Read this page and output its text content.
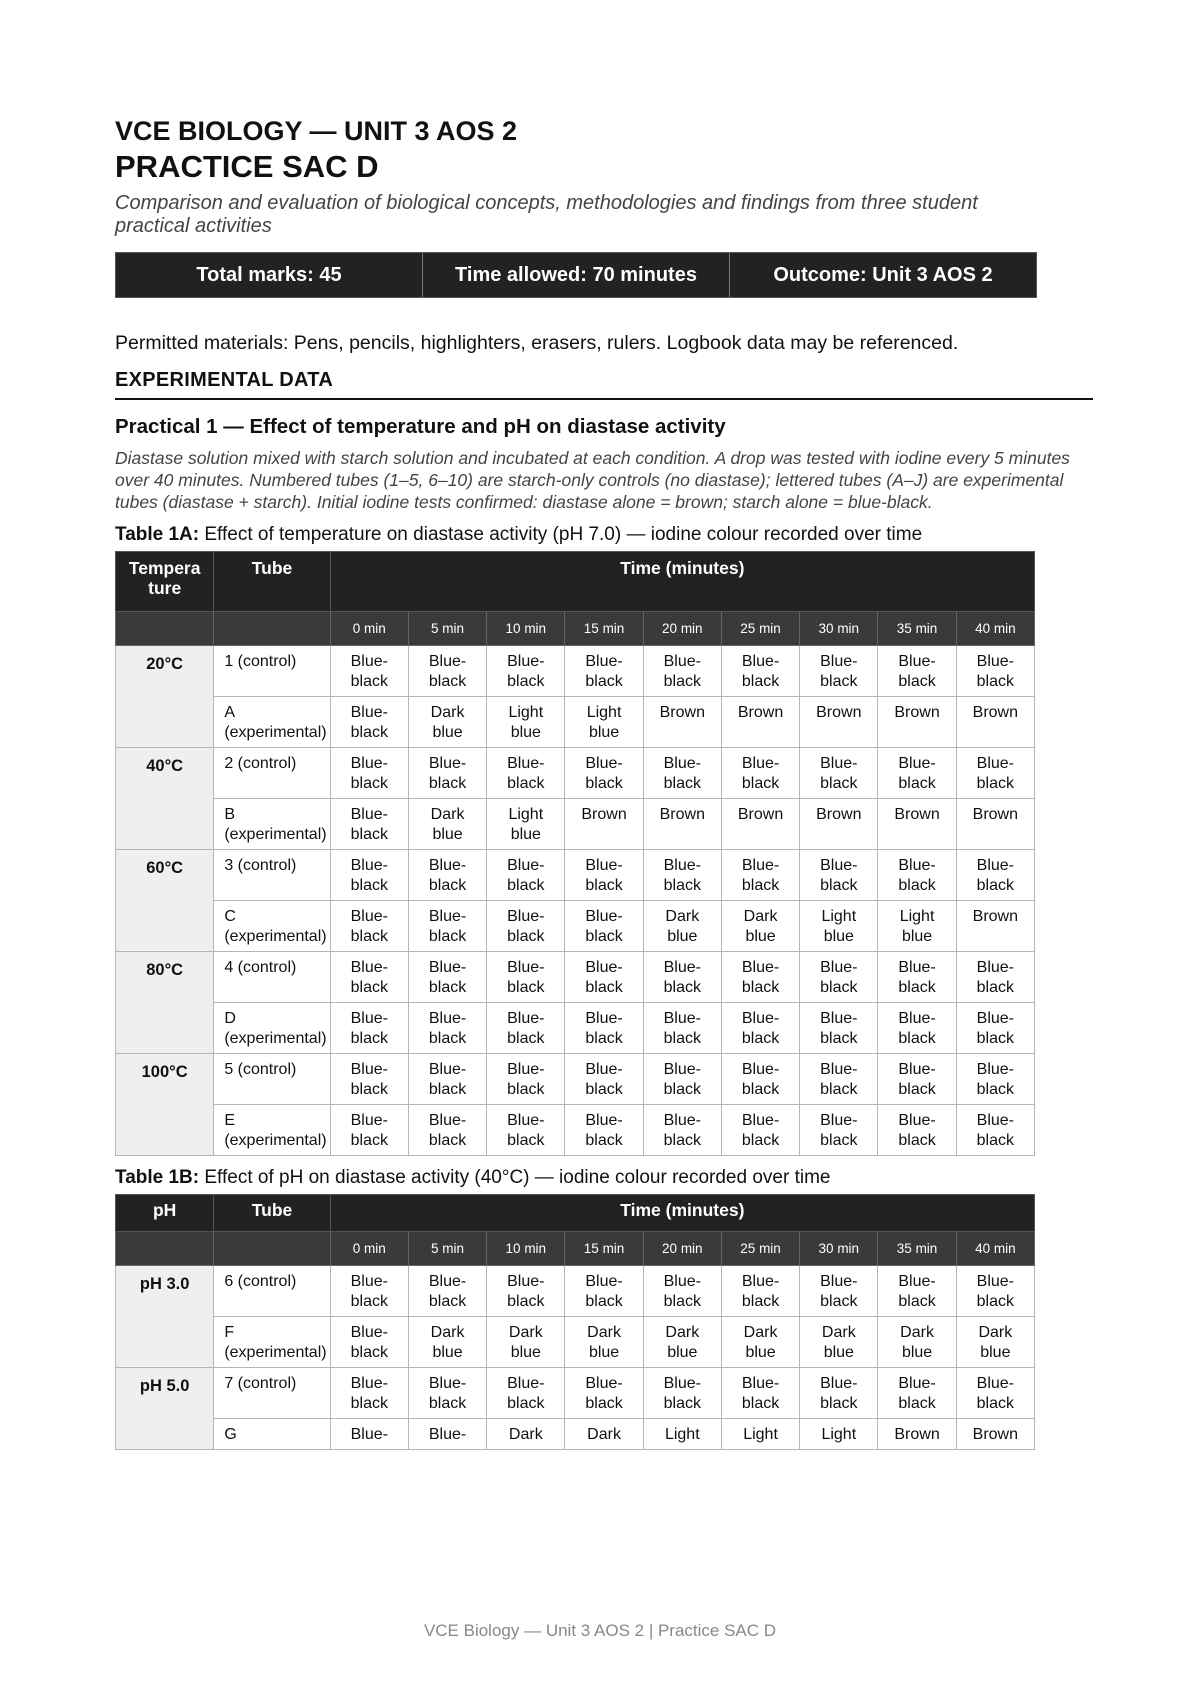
VCE BIOLOGY — UNIT 3 AOS 2
PRACTICE SAC D
Comparison and evaluation of biological concepts, methodologies and findings from three student practical activities
Total marks: 45	Time allowed: 70 minutes	Outcome: Unit 3 AOS 2
Permitted materials: Pens, pencils, highlighters, erasers, rulers. Logbook data may be referenced.
EXPERIMENTAL DATA
Practical 1 — Effect of temperature and pH on diastase activity
Diastase solution mixed with starch solution and incubated at each condition. A drop was tested with iodine every 5 minutes over 40 minutes. Numbered tubes (1–5, 6–10) are starch-only controls (no diastase); lettered tubes (A–J) are experimental tubes (diastase + starch). Initial iodine tests confirmed: diastase alone = brown; starch alone = blue-black.
Table 1A: Effect of temperature on diastase activity (pH 7.0) — iodine colour recorded over time
Tempera ture	Tube	Time (minutes)								
		0 min	5 min	10 min	15 min	20 min	25 min	30 min	35 min	40 min
20°C	1 (control)	Blue-black	Blue-black	Blue-black	Blue-black	Blue-black	Blue-black	Blue-black	Blue-black	Blue-black
	A (experimental)	Blue-black	Dark blue	Light blue	Light blue	Brown	Brown	Brown	Brown	Brown
40°C	2 (control)	Blue-black	Blue-black	Blue-black	Blue-black	Blue-black	Blue-black	Blue-black	Blue-black	Blue-black
	B (experimental)	Blue-black	Dark blue	Light blue	Brown	Brown	Brown	Brown	Brown	Brown
60°C	3 (control)	Blue-black	Blue-black	Blue-black	Blue-black	Blue-black	Blue-black	Blue-black	Blue-black	Blue-black
	C (experimental)	Blue-black	Blue-black	Blue-black	Blue-black	Dark blue	Dark blue	Light blue	Light blue	Brown
80°C	4 (control)	Blue-black	Blue-black	Blue-black	Blue-black	Blue-black	Blue-black	Blue-black	Blue-black	Blue-black
	D (experimental)	Blue-black	Blue-black	Blue-black	Blue-black	Blue-black	Blue-black	Blue-black	Blue-black	Blue-black
100°C	5 (control)	Blue-black	Blue-black	Blue-black	Blue-black	Blue-black	Blue-black	Blue-black	Blue-black	Blue-black
	E (experimental)	Blue-black	Blue-black	Blue-black	Blue-black	Blue-black	Blue-black	Blue-black	Blue-black	Blue-black
Table 1B: Effect of pH on diastase activity (40°C) — iodine colour recorded over time
pH	Tube	Time (minutes)								
		0 min	5 min	10 min	15 min	20 min	25 min	30 min	35 min	40 min
pH 3.0	6 (control)	Blue-black	Blue-black	Blue-black	Blue-black	Blue-black	Blue-black	Blue-black	Blue-black	Blue-black
	F (experimental)	Blue-black	Dark blue	Dark blue	Dark blue	Dark blue	Dark blue	Dark blue	Dark blue	Dark blue
pH 5.0	7 (control)	Blue-black	Blue-black	Blue-black	Blue-black	Blue-black	Blue-black	Blue-black	Blue-black	Blue-black
	G	Blue-	Blue-	Dark	Dark	Light	Light	Light	Brown	Brown
VCE Biology — Unit 3 AOS 2 | Practice SAC D
